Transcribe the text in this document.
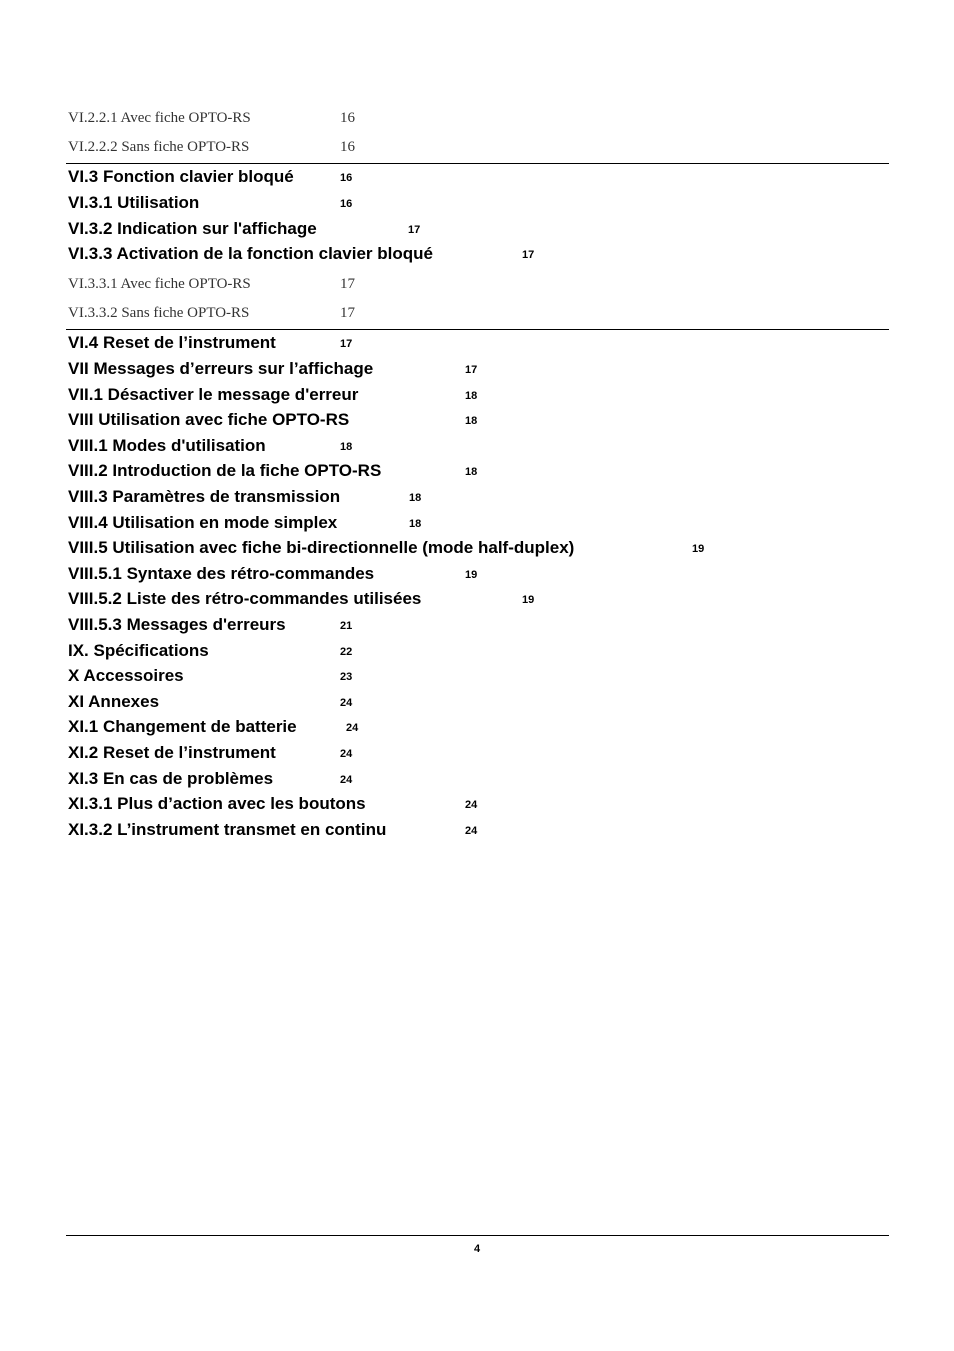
VI.2.2.1 Avec fiche OPTO-RS	16
VI.2.2.2 Sans fiche OPTO-RS	16
VI.3 Fonction clavier bloqué	16
VI.3.1 Utilisation	16
VI.3.2 Indication sur l'affichage	17
VI.3.3 Activation de la fonction clavier bloqué	17
VI.3.3.1 Avec fiche OPTO-RS	17
VI.3.3.2 Sans fiche OPTO-RS	17
VI.4 Reset de l’instrument	17
VII Messages d’erreurs sur l’affichage	17
VII.1 Désactiver le message d'erreur	18
VIII Utilisation avec fiche OPTO-RS	18
VIII.1 Modes d'utilisation	18
VIII.2 Introduction de la fiche OPTO-RS	18
VIII.3 Paramètres de transmission	18
VIII.4 Utilisation en mode simplex	18
VIII.5 Utilisation avec fiche bi-directionnelle (mode half-duplex)	19
VIII.5.1 Syntaxe des rétro-commandes	19
VIII.5.2 Liste des rétro-commandes utilisées	19
VIII.5.3 Messages d'erreurs	21
IX. Spécifications	22
X Accessoires	23
XI Annexes	24
XI.1 Changement de batterie	24
XI.2 Reset de l’instrument	24
XI.3 En cas de problèmes	24
XI.3.1 Plus d’action avec les boutons	24
XI.3.2 L’instrument transmet en continu	24
4
